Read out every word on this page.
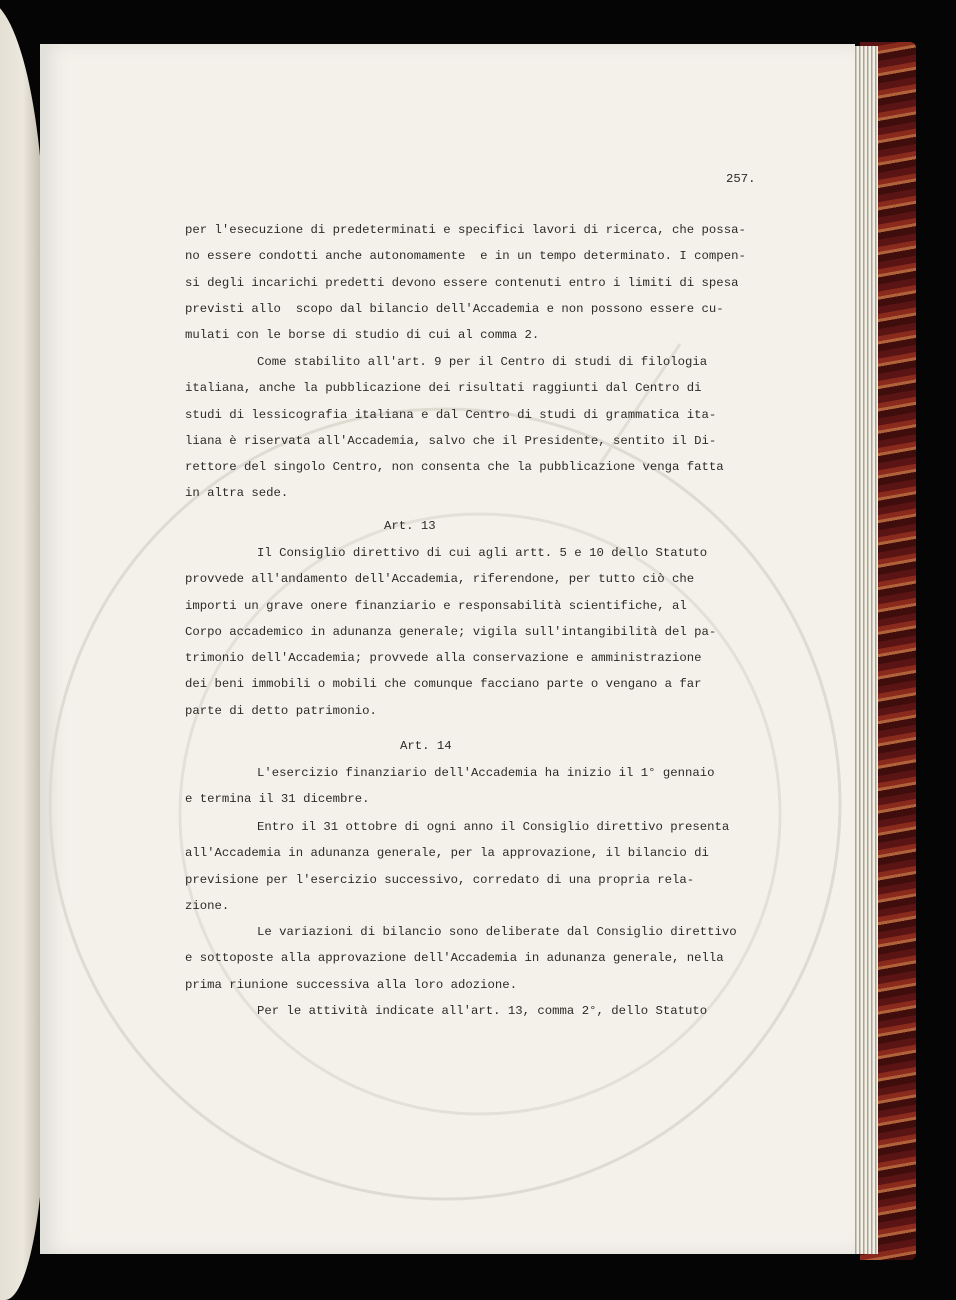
257.
per l'esecuzione di predeterminati e specifici lavori di ricerca, che possa-
no essere condotti anche autonomamente  e in un tempo determinato. I compen-
si degli incarichi predetti devono essere contenuti entro i limiti di spesa
previsti allo  scopo dal bilancio dell'Accademia e non possono essere cu-
mulati con le borse di studio di cui al comma 2.
Come stabilito all'art. 9 per il Centro di studi di filologia
italiana, anche la pubblicazione dei risultati raggiunti dal Centro di
studi di lessicografia italiana e dal Centro di studi di grammatica ita-
liana è riservata all'Accademia, salvo che il Presidente, sentito il Di-
rettore del singolo Centro, non consenta che la pubblicazione venga fatta
in altra sede.
Art. 13
Il Consiglio direttivo di cui agli artt. 5 e 10 dello Statuto
provvede all'andamento dell'Accademia, riferendone, per tutto ciò che
importi un grave onere finanziario e responsabilità scientifiche, al
Corpo accademico in adunanza generale; vigila sull'intangibilità del pa-
trimonio dell'Accademia; provvede alla conservazione e amministrazione
dei beni immobili o mobili che comunque facciano parte o vengano a far
parte di detto patrimonio.
Art. 14
L'esercizio finanziario dell'Accademia ha inizio il 1° gennaio
e termina il 31 dicembre.
Entro il 31 ottobre di ogni anno il Consiglio direttivo presenta
all'Accademia in adunanza generale, per la approvazione, il bilancio di
previsione per l'esercizio successivo, corredato di una propria rela-
zione.
Le variazioni di bilancio sono deliberate dal Consiglio direttivo
e sottoposte alla approvazione dell'Accademia in adunanza generale, nella
prima riunione successiva alla loro adozione.
Per le attività indicate all'art. 13, comma 2°, dello Statuto
